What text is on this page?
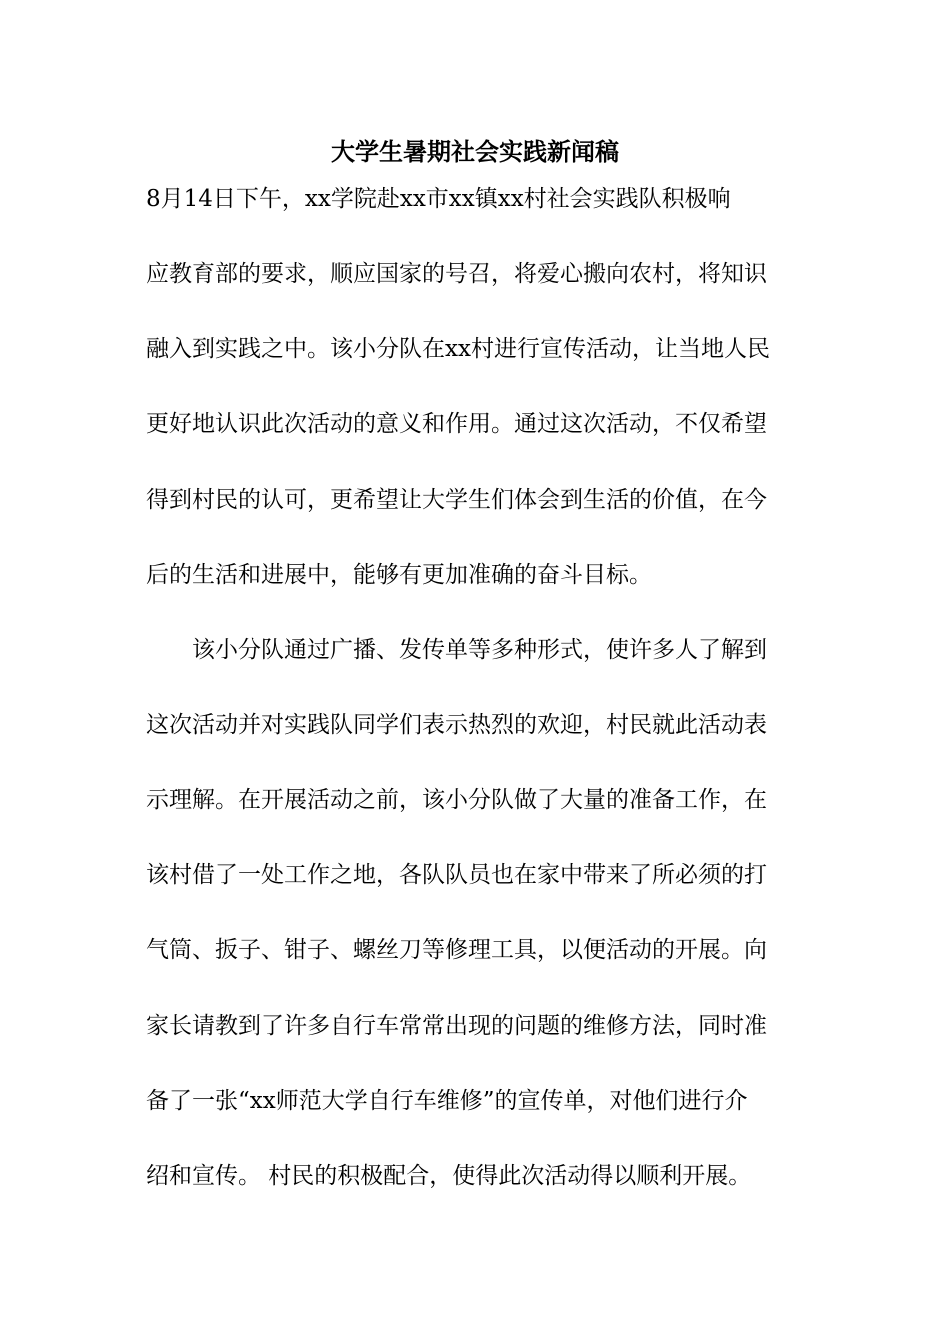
大学生暑期社会实践新闻稿
8月14日下午，xx学院赴xx市xx镇xx村社会实践队积极响
应教育部的要求，顺应国家的号召，将爱心搬向农村，将知识
融入到实践之中。该小分队在xx村进行宣传活动，让当地人民
更好地认识此次活动的意义和作用。通过这次活动，不仅希望
得到村民的认可，更希望让大学生们体会到生活的价值，在今
后的生活和进展中，能够有更加准确的奋斗目标。
　　该小分队通过广播、发传单等多种形式，使许多人了解到
这次活动并对实践队同学们表示热烈的欢迎，村民就此活动表
示理解。在开展活动之前，该小分队做了大量的准备工作，在
该村借了一处工作之地，各队队员也在家中带来了所必须的打
气筒、扳子、钳子、螺丝刀等修理工具，以便活动的开展。向
家长请教到了许多自行车常常出现的问题的维修方法，同时准
备了一张“xx师范大学自行车维修”的宣传单，对他们进行介
绍和宣传。 村民的积极配合，使得此次活动得以顺利开展。
